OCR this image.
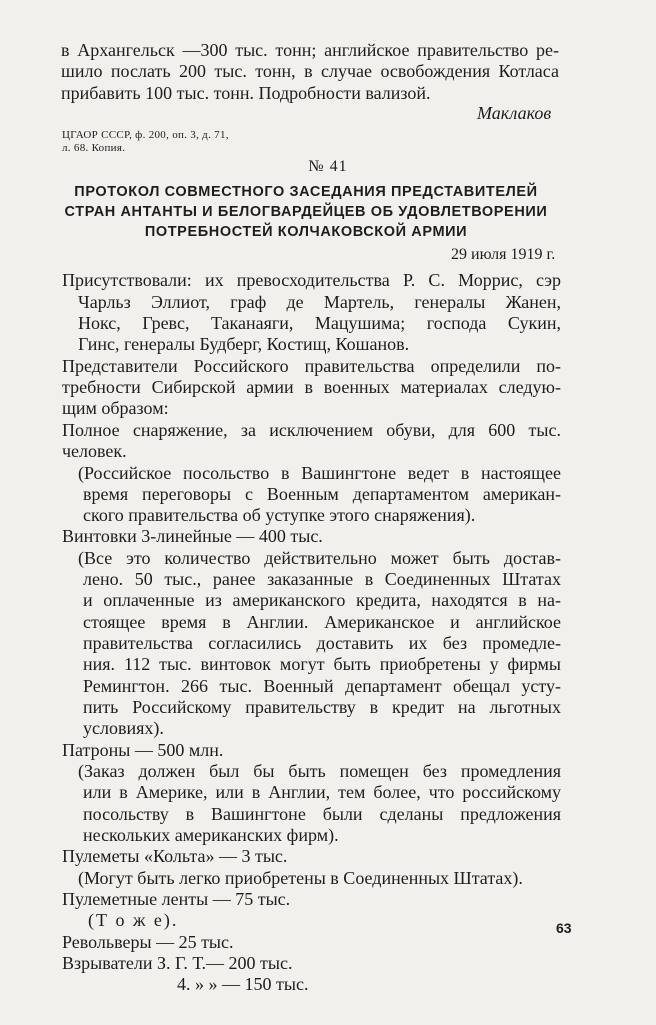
в Архангельск —300 тыс. тонн; английское правительство ре-
шило послать 200 тыс. тонн, в случае освобождения Котласа
прибавить 100 тыс. тонн. Подробности вализой.
Маклаков
ЦГАОР СССР, ф. 200, оп. 3, д. 71,
л. 68. Копия.
№ 41
ПРОТОКОЛ СОВМЕСТНОГО ЗАСЕДАНИЯ ПРЕДСТАВИТЕЛЕЙ
СТРАН АНТАНТЫ И БЕЛОГВАРДЕЙЦЕВ ОБ УДОВЛЕТВОРЕНИИ
ПОТРЕБНОСТЕЙ КОЛЧАКОВСКОЙ АРМИИ
29 июля 1919 г.
Присутствовали: их превосходительства Р. С. Моррис, сэр
Чарльз Эллиот, граф де Мартель, генералы Жанен,
Нокс, Гревс, Таканаяги, Мацушима; господа Сукин,
Гинс, генералы Будберг, Костищ, Кошанов.
Представители Российского правительства определили по-
требности Сибирской армии в военных материалах следую-
щим образом:
Полное снаряжение, за исключением обуви, для 600 тыс.
человек.
(Российское посольство в Вашингтоне ведет в настоящее
время переговоры с Военным департаментом американ-
ского правительства об уступке этого снаряжения).
Винтовки 3-линейные — 400 тыс.
(Все это количество действительно может быть достав-
лено. 50 тыс., ранее заказанные в Соединенных Штатах
и оплаченные из американского кредита, находятся в на-
стоящее время в Англии. Американское и английское
правительства согласились доставить их без промедле-
ния. 112 тыс. винтовок могут быть приобретены у фирмы
Ремингтон. 266 тыс. Военный департамент обещал усту-
пить Российскому правительству в кредит на льготных
условиях).
Патроны — 500 млн.
(Заказ должен был бы быть помещен без промедления
или в Америке, или в Англии, тем более, что российскому
посольству в Вашингтоне были сделаны предложения
нескольких американских фирм).
Пулеметы «Кольта» — 3 тыс.
(Могут быть легко приобретены в Соединенных Штатах).
Пулеметные ленты — 75 тыс.
(Т о ж е).
Револьверы — 25 тыс.
Взрыватели З. Г. Т.— 200 тыс.
4. » » — 150 тыс.
63
